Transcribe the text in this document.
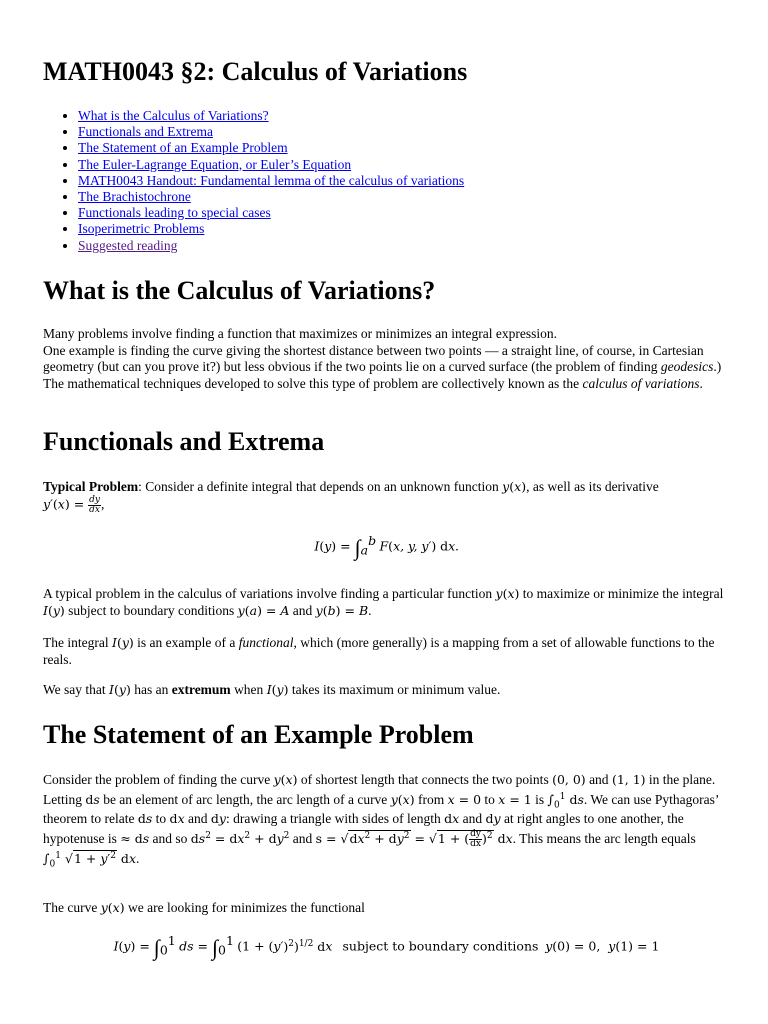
MATH0043 §2: Calculus of Variations
• What is the Calculus of Variations?
• Functionals and Extrema
• The Statement of an Example Problem
• The Euler-Lagrange Equation, or Euler’s Equation
• MATH0043 Handout: Fundamental lemma of the calculus of variations
• The Brachistochrone
• Functionals leading to special cases
• Isoperimetric Problems
• Suggested reading
What is the Calculus of Variations?

Many problems involve finding a function that maximizes or minimizes an integral expression.

One example is finding the curve giving the shortest distance between two points — a straight line, of course, in Cartesian geometry (but can you prove it?) but less obvious if the two points lie on a curved surface (the problem of finding geodesics.)

The mathematical techniques developed to solve this type of problem are collectively known as the calculus of variations.

Functionals and Extrema

Typical Problem: Consider a definite integral that depends on an unknown function y(x), as well as its derivative
$y'(x) = \frac{dy}{dx}$ ,

$I(y) = \int_a^b$ F(x, y, y′) dx.

A typical problem in the calculus of variations involve finding a particular function y(x) to maximize or minimize the integral I(y) subject to boundary conditions y(a) = A and y(b) = B.

The integral I(y) is an example of a functional, which (more generally) is a mapping from a set of allowable functions to the reals.

We say that I(y) has an extremum when I(y) takes its maximum or minimum value.

The Statement of an Example Problem

Consider the problem of finding the curve y(x) of shortest length that connects the two points (0, 0) and (1, 1) in the plane. Letting ds be an element of arc length, the arc length of a curve y(x) from x = 0 to x = 1 is $\int_0^1$ ds. We can use Pythagoras’ theorem to relate ds to dx and dy: drawing a triangle with sides of length dx and dy at right angles to one another, the hypotenuse is ≈ ds and so $ds^2 = dx^2 + dy^2$ and $s = √dx^2 + dy^2 = √1$ + ( $\frac{dy}{dx} )^2$ dx. This means the arc length equals $\int_0^1$ $√1 + y'^2$ dx.

The curve y(x) we are looking for minimizes the functional

$I(y) = \int_0^1$ ds = $\int_0^1$ $(1 + (y')^2)^{1/2}$ dx subject to boundary conditions y(0) = 0,  y(1) = 1
